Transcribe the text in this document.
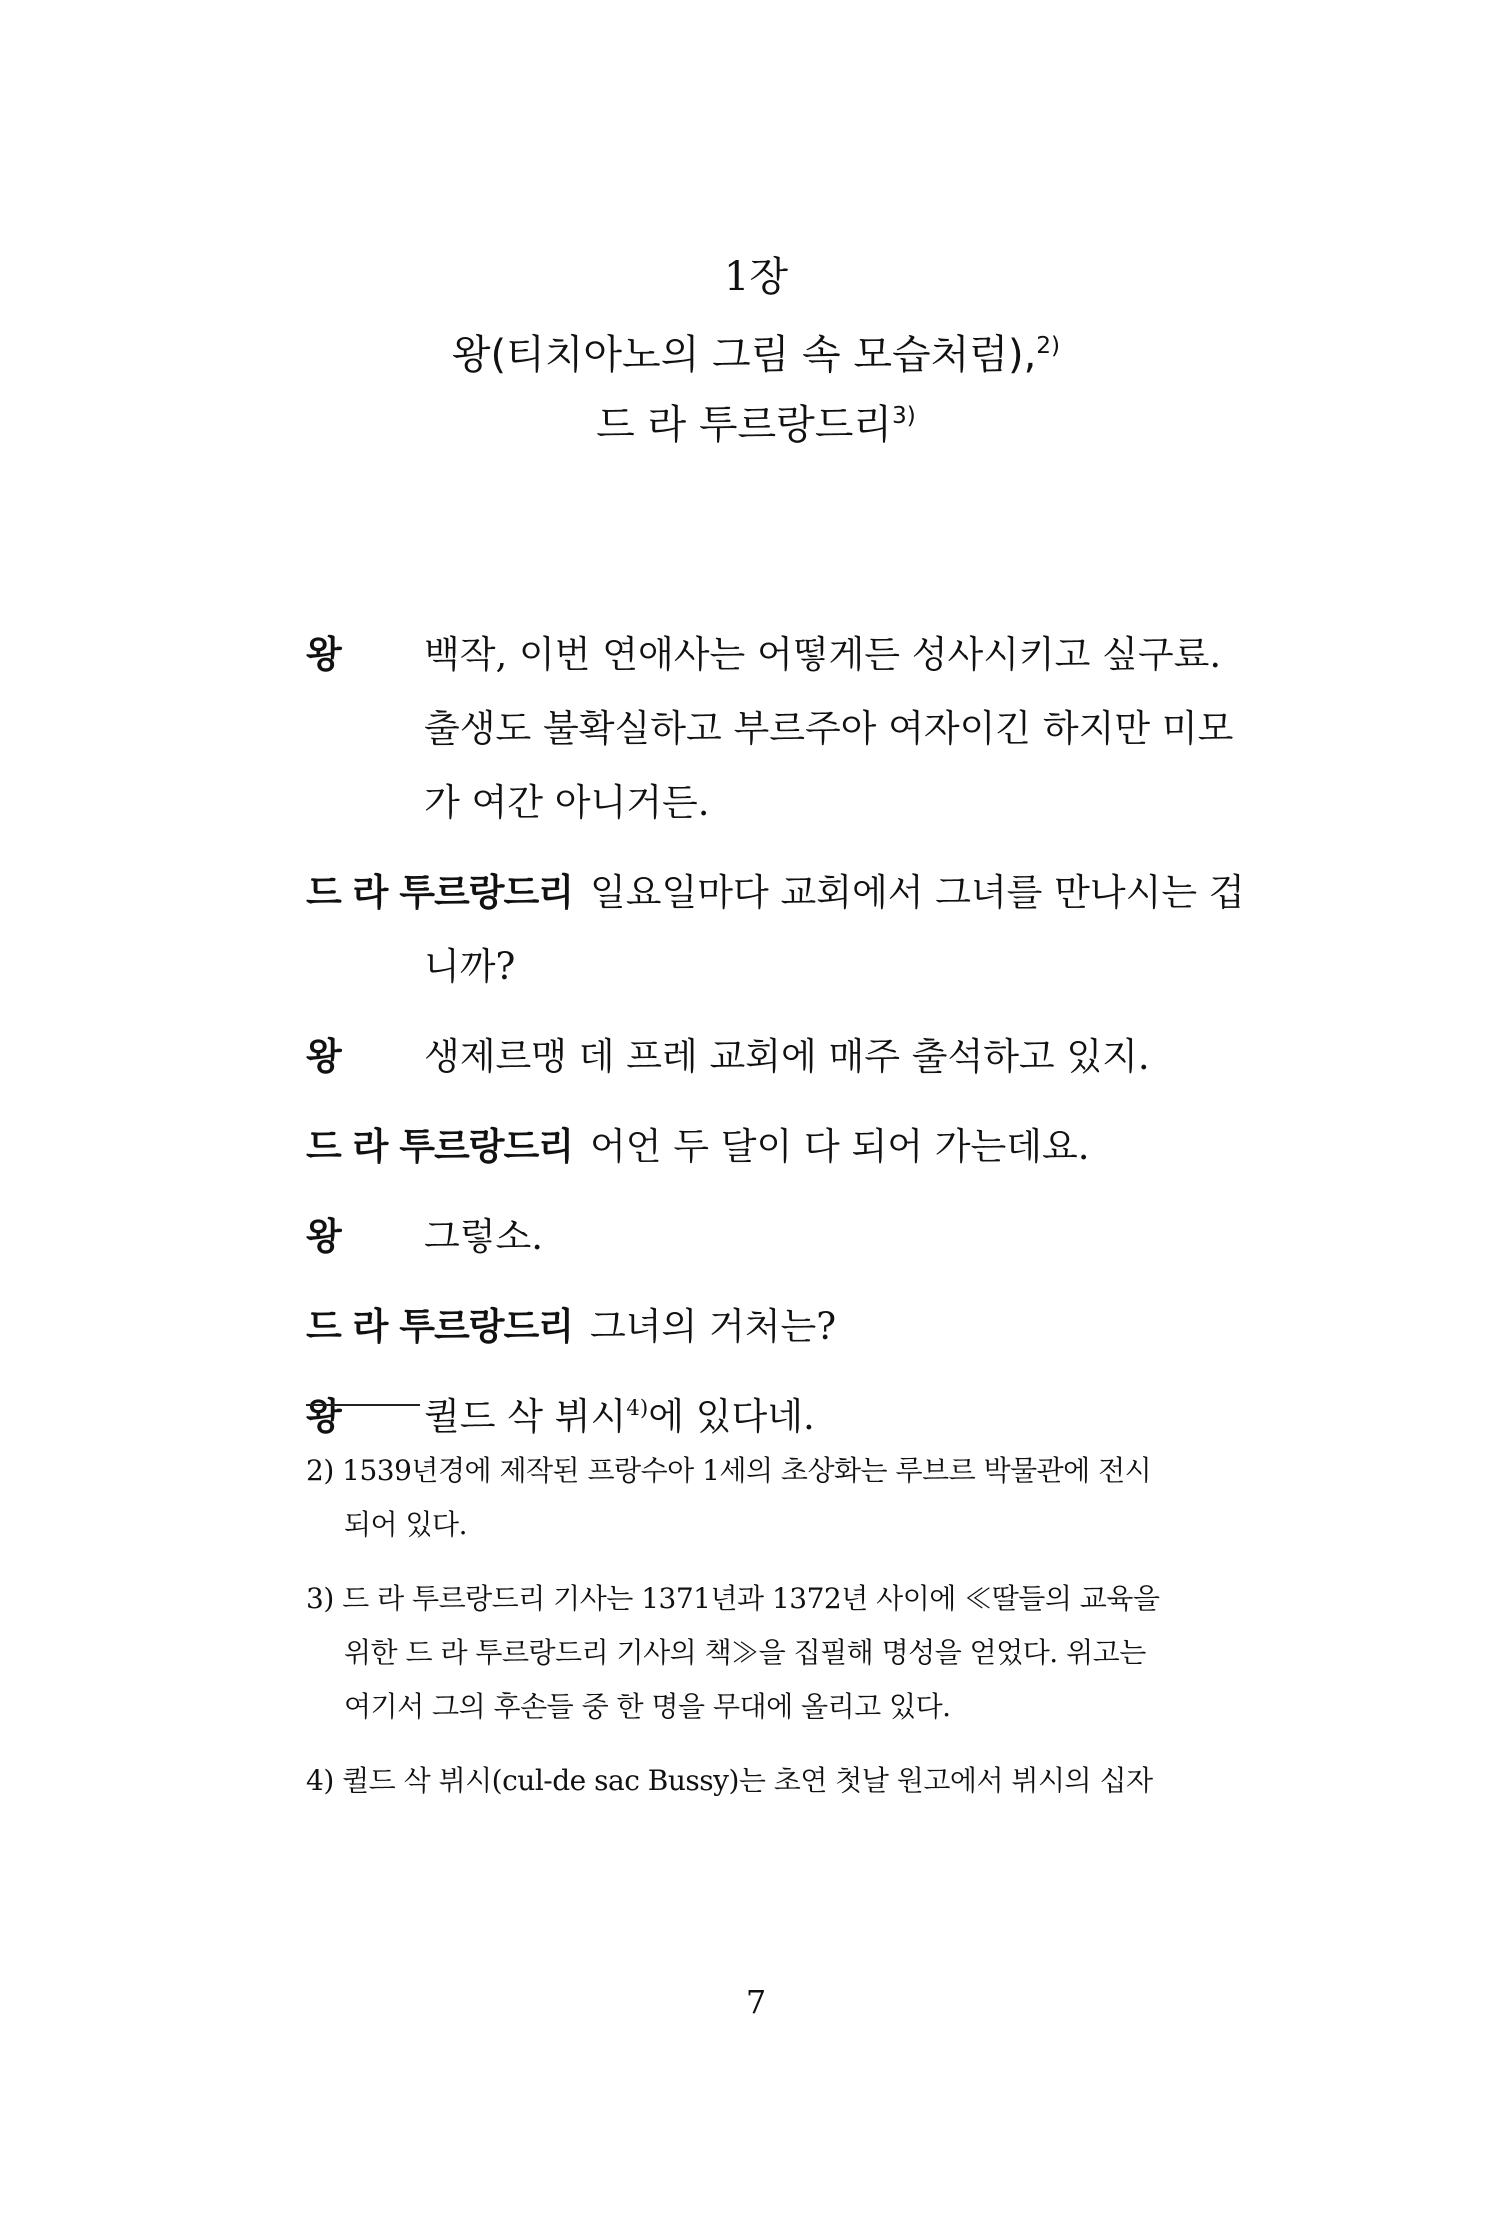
1장
왕(티치아노의 그림 속 모습처럼),$^{2)}$
드 라 투르랑드리$^{3)}$
왕	백작, 이번 연애사는 어떻게든 성사시키고 싶구료.
출생도 불확실하고 부르주아 여자이긴 하지만 미모
가 여간 아니거든.
드 라 투르랑드리 일요일마다 교회에서 그녀를 만나시는 겁
니까?
왕	생제르맹 데 프레 교회에 매주 출석하고 있지.
드 라 투르랑드리 어언 두 달이 다 되어 가는데요.
왕	그렇소.
드 라 투르랑드리 그녀의 거처는?
왕	퀼드 삭 뷔시$^{4)}$에 있다네.
2) 1539년경에 제작된 프랑수아 1세의 초상화는 루브르 박물관에 전시
되어 있다.
3) 드 라 투르랑드리 기사는 1371년과 1372년 사이에 ≪딸들의 교육을
위한 드 라 투르랑드리 기사의 책≫을 집필해 명성을 얻었다. 위고는
여기서 그의 후손들 중 한 명을 무대에 올리고 있다.
4) 퀼드 삭 뷔시(cul-de sac Bussy)는 초연 첫날 원고에서 뷔시의 십자
7
